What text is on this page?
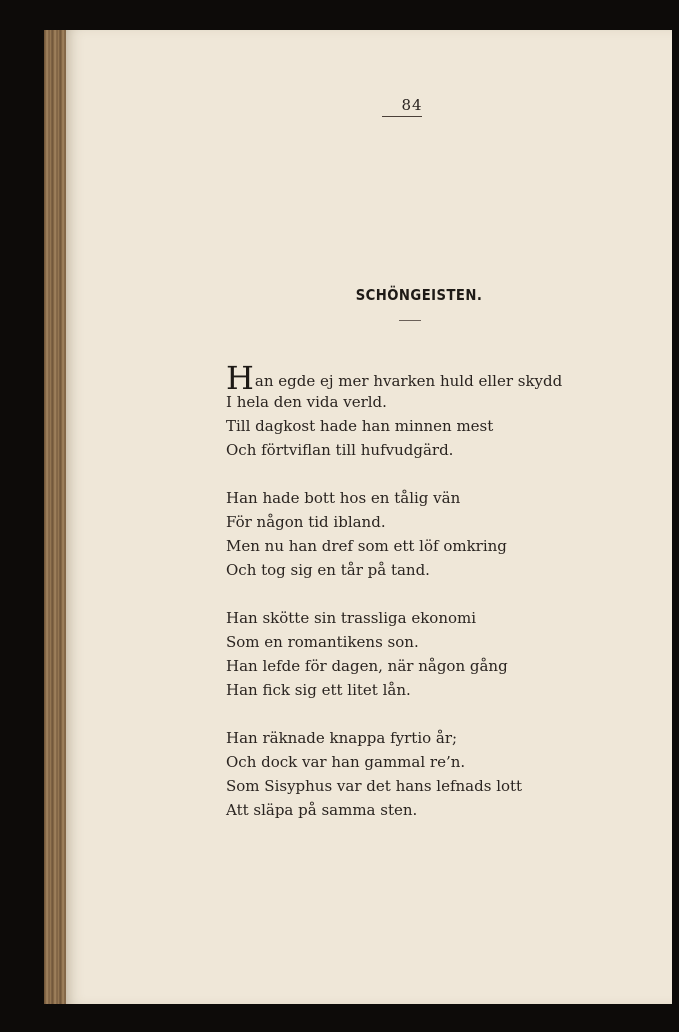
84
SCHÖNGEISTEN.
Han egde ej mer hvarken huld eller skydd
I hela den vida verld.
Till dagkost hade han minnen mest
Och förtviflan till hufvudgärd.
Han hade bott hos en tålig vän
För någon tid ibland.
Men nu han dref som ett löf omkring
Och tog sig en tår på tand.
Han skötte sin trassliga ekonomi
Som en romantikens son.
Han lefde för dagen, när någon gång
Han fick sig ett litet lån.
Han räknade knappa fyrtio år;
Och dock var han gammal re’n.
Som Sisyphus var det hans lefnads lott
Att släpa på samma sten.
